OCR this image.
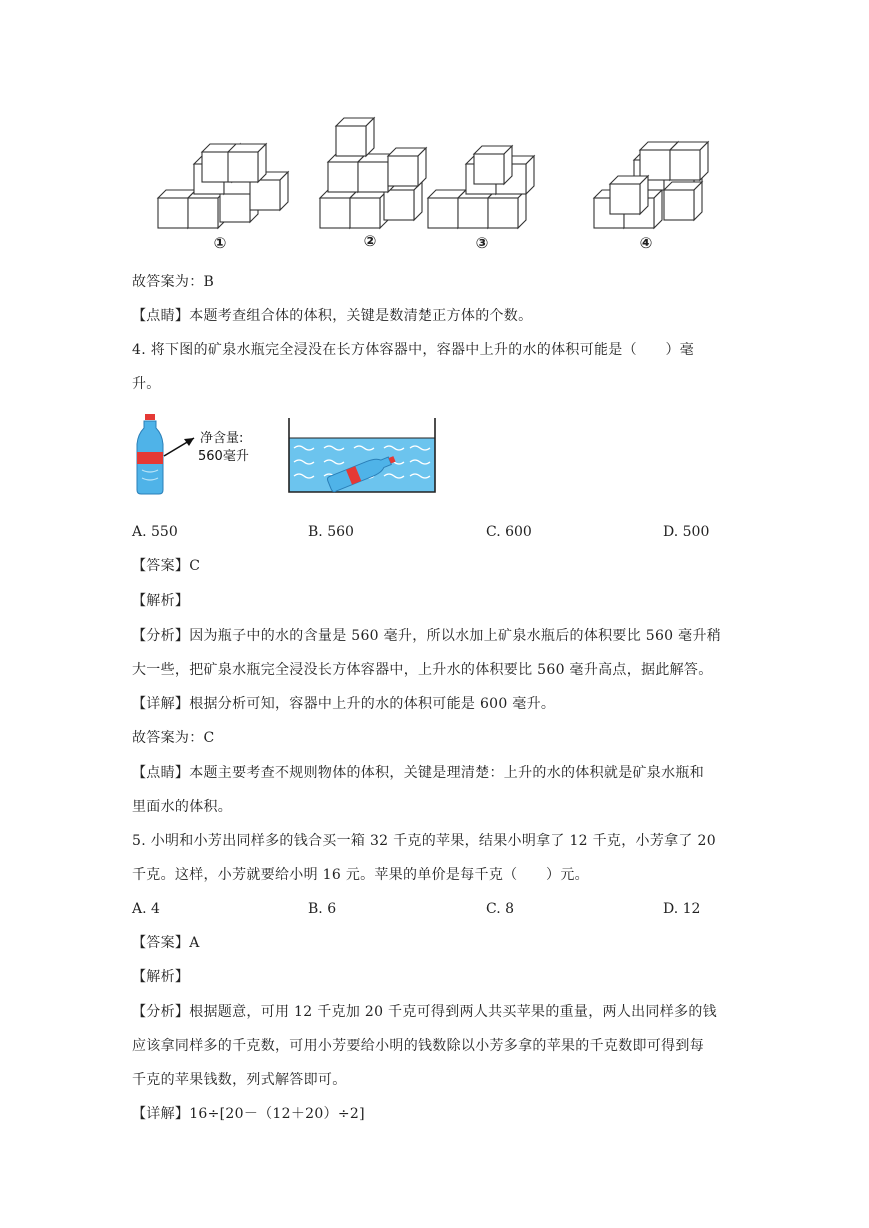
①	②	③	④
故答案为：B
【点睛】本题考查组合体的体积，关键是数清楚正方体的个数。
4. 将下图的矿泉水瓶完全浸没在长方体容器中，容器中上升的水的体积可能是（　　）毫
升。
净含量:
560毫升
A. 550	B. 560	C. 600	D. 500
【答案】C
【解析】
【分析】因为瓶子中的水的含量是 560 毫升，所以水加上矿泉水瓶后的体积要比 560 毫升稍
大一些，把矿泉水瓶完全浸没长方体容器中，上升水的体积要比 560 毫升高点，据此解答。
【详解】根据分析可知，容器中上升的水的体积可能是 600 毫升。
故答案为：C
【点睛】本题主要考查不规则物体的体积，关键是理清楚：上升的水的体积就是矿泉水瓶和
里面水的体积。
5. 小明和小芳出同样多的钱合买一箱 32 千克的苹果，结果小明拿了 12 千克，小芳拿了 20
千克。这样，小芳就要给小明 16 元。苹果的单价是每千克（　　）元。
A. 4	B. 6	C. 8	D. 12
【答案】A
【解析】
【分析】根据题意，可用 12 千克加 20 千克可得到两人共买苹果的重量，两人出同样多的钱
应该拿同样多的千克数，可用小芳要给小明的钱数除以小芳多拿的苹果的千克数即可得到每
千克的苹果钱数，列式解答即可。
【详解】16÷[20－（12＋20）÷2]
